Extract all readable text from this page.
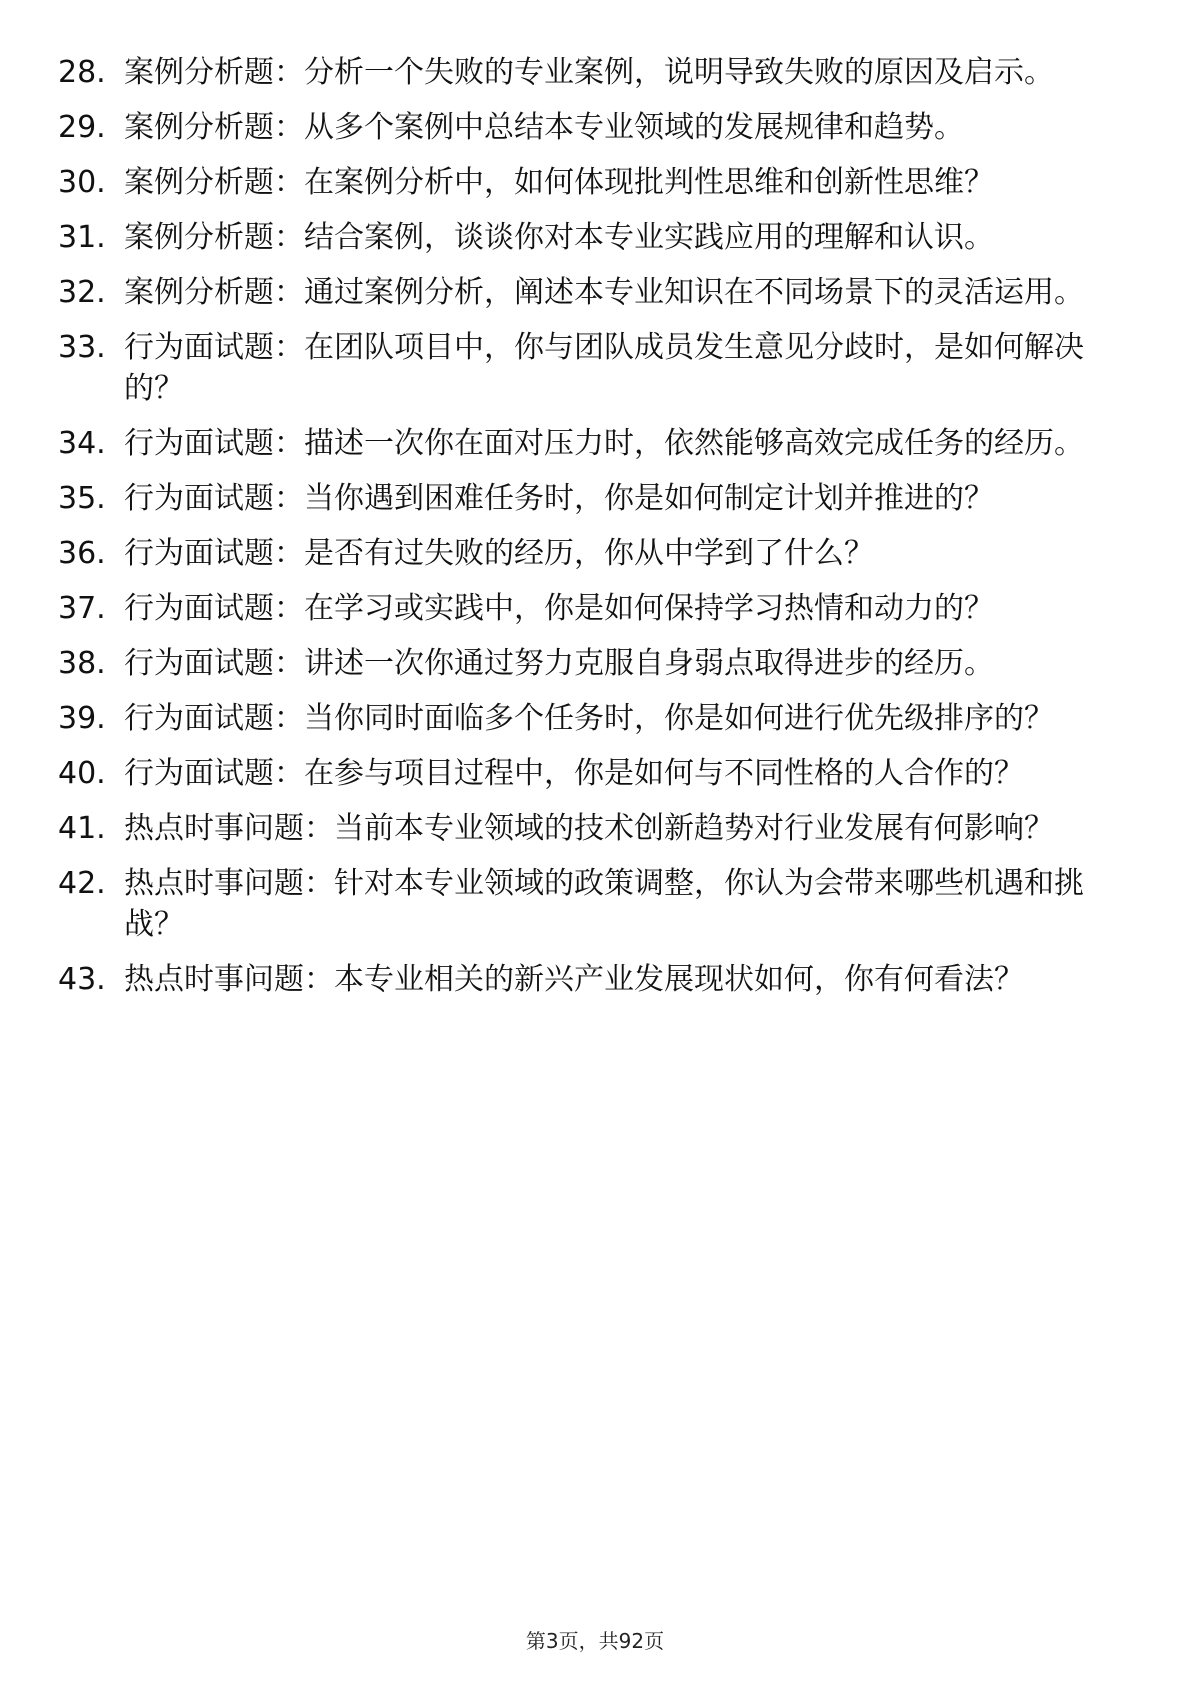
28. 案例分析题：分析一个失败的专业案例，说明导致失败的原因及启示。
29. 案例分析题：从多个案例中总结本专业领域的发展规律和趋势。
30. 案例分析题：在案例分析中，如何体现批判性思维和创新性思维？
31. 案例分析题：结合案例，谈谈你对本专业实践应用的理解和认识。
32. 案例分析题：通过案例分析，阐述本专业知识在不同场景下的灵活运用。
33. 行为面试题：在团队项目中，你与团队成员发生意见分歧时，是如何解决的？
34. 行为面试题：描述一次你在面对压力时，依然能够高效完成任务的经历。
35. 行为面试题：当你遇到困难任务时，你是如何制定计划并推进的？
36. 行为面试题：是否有过失败的经历，你从中学到了什么？
37. 行为面试题：在学习或实践中，你是如何保持学习热情和动力的？
38. 行为面试题：讲述一次你通过努力克服自身弱点取得进步的经历。
39. 行为面试题：当你同时面临多个任务时，你是如何进行优先级排序的？
40. 行为面试题：在参与项目过程中，你是如何与不同性格的人合作的？
41. 热点时事问题：当前本专业领域的技术创新趋势对行业发展有何影响？
42. 热点时事问题：针对本专业领域的政策调整，你认为会带来哪些机遇和挑战？
43. 热点时事问题：本专业相关的新兴产业发展现状如何，你有何看法？
第3页，共92页
